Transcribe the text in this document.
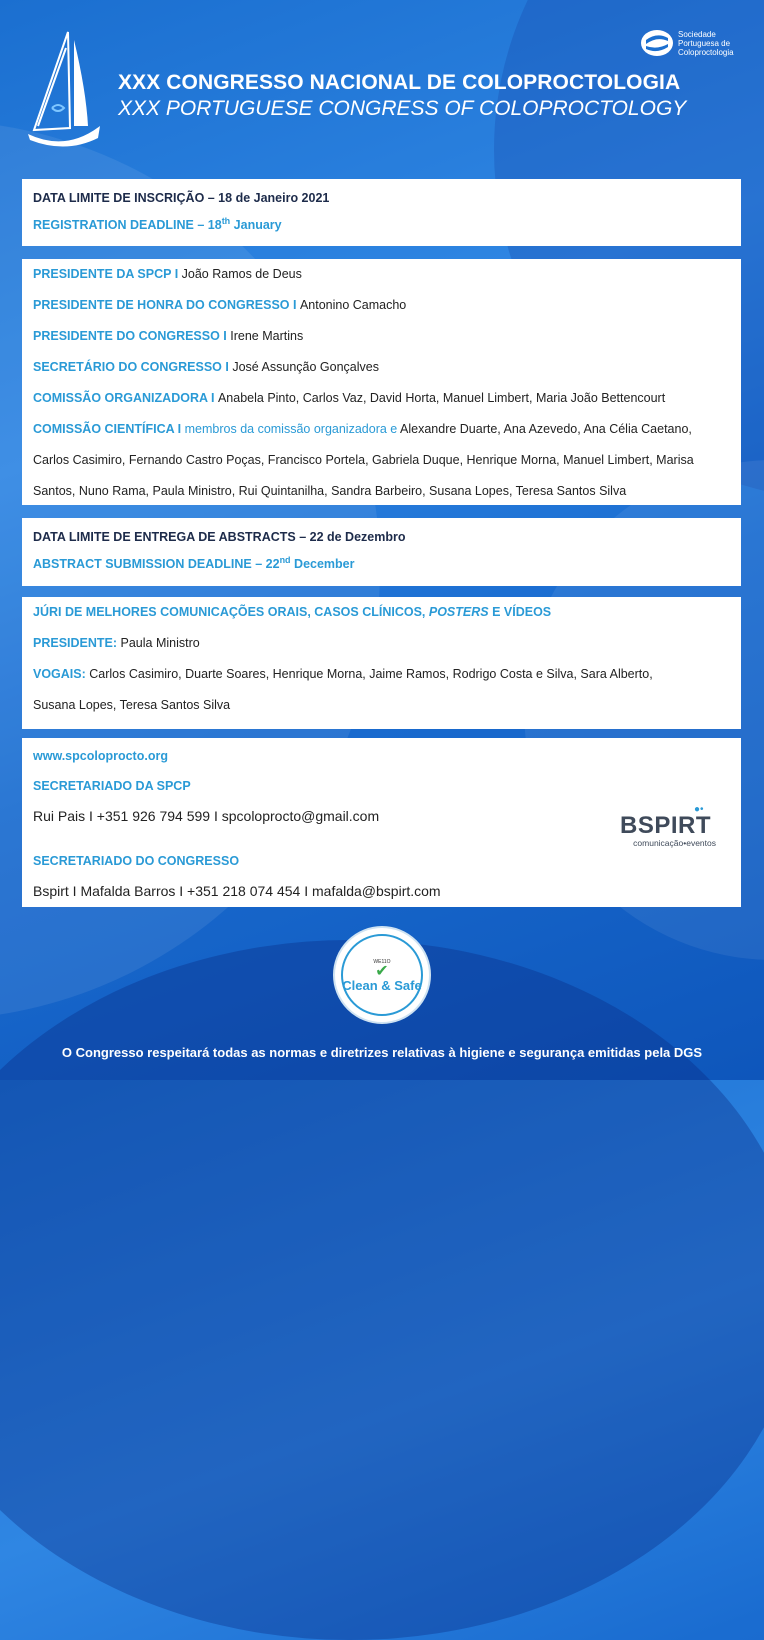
Sociedade
Portuguesa de
Coloproctologia
XXX CONGRESSO NACIONAL DE COLOPROCTOLOGIA
XXX PORTUGUESE CONGRESS OF COLOPROCTOLOGY
DATA LIMITE DE INSCRIÇÃO – 18 de Janeiro 2021
REGISTRATION DEADLINE – 18th January
PRESIDENTE DA SPCP I João Ramos de Deus
PRESIDENTE DE HONRA DO CONGRESSO I Antonino Camacho
PRESIDENTE DO CONGRESSO I Irene Martins
SECRETÁRIO DO CONGRESSO I José Assunção Gonçalves
COMISSÃO ORGANIZADORA I Anabela Pinto, Carlos Vaz, David Horta, Manuel Limbert, Maria João Bettencourt
COMISSÃO CIENTÍFICA I membros da comissão organizadora e Alexandre Duarte, Ana Azevedo, Ana Célia Caetano,
Carlos Casimiro, Fernando Castro Poças, Francisco Portela, Gabriela Duque, Henrique Morna, Manuel Limbert, Marisa
Santos, Nuno Rama, Paula Ministro, Rui Quintanilha, Sandra Barbeiro, Susana Lopes, Teresa Santos Silva
DATA LIMITE DE ENTREGA DE ABSTRACTS – 22 de Dezembro
ABSTRACT SUBMISSION DEADLINE – 22nd December
JÚRI DE MELHORES COMUNICAÇÕES ORAIS, CASOS CLÍNICOS, POSTERS E VÍDEOS
PRESIDENTE: Paula Ministro
VOGAIS: Carlos Casimiro, Duarte Soares, Henrique Morna, Jaime Ramos, Rodrigo Costa e Silva, Sara Alberto,
Susana Lopes, Teresa Santos Silva
www.spcoloprocto.org
SECRETARIADO DA SPCP
Rui Pais I +351 926 794 599 I spcoloprocto@gmail.com
SECRETARIADO DO CONGRESSO
Bspirt I Mafalda Barros I +351 218 074 454 I mafalda@bspirt.com
●•
BSPIRT
comunicação•eventos
WE11O
✔
Clean & Safe
O Congresso respeitará todas as normas e diretrizes relativas à higiene e segurança emitidas pela DGS
